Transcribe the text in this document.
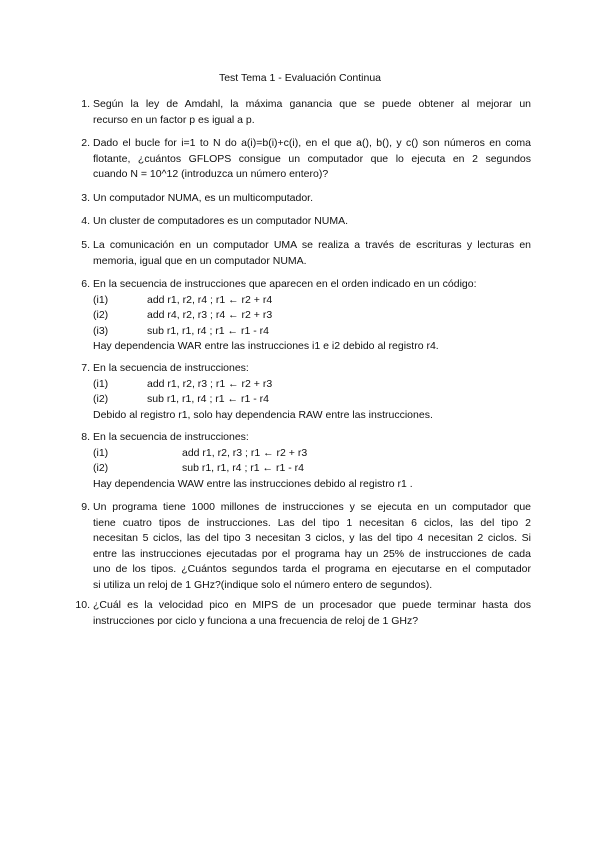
Test Tema 1 - Evaluación Continua
1. Según la ley de Amdahl, la máxima ganancia que se puede obtener al mejorar un
recurso en un factor p es igual a p.
2. Dado el bucle for i=1 to N do a(i)=b(i)+c(i), en el que a(), b(), y c() son números en coma
flotante, ¿cuántos GFLOPS consigue un computador que lo ejecuta en 2 segundos
cuando N = 10^12 (introduzca un número entero)?
3. Un computador NUMA, es un multicomputador.
4. Un cluster de computadores es un computador NUMA.
5. La comunicación en un computador UMA se realiza a través de escrituras y lecturas en
memoria, igual que en un computador NUMA.
6. En la secuencia de instrucciones que aparecen en el orden indicado en un código:
(i1)	add r1, r2, r4 ; r1 ← r2 + r4
(i2)	add r4, r2, r3 ; r4 ← r2 + r3
(i3)	sub r1, r1, r4 ; r1 ← r1 - r4
Hay dependencia WAR entre las instrucciones i1 e i2 debido al registro r4.
7. En la secuencia de instrucciones:
(i1)	add r1, r2, r3 ; r1 ← r2 + r3
(i2)	sub r1, r1, r4 ; r1 ← r1 - r4
Debido al registro r1, solo hay dependencia RAW entre las instrucciones.
8. En la secuencia de instrucciones:
(i1)	add r1, r2, r3 ; r1 ← r2 + r3
(i2)	sub r1, r1, r4 ; r1 ← r1 - r4
Hay dependencia WAW entre las instrucciones debido al registro r1 .
9. Un programa tiene 1000 millones de instrucciones y se ejecuta en un computador que
tiene cuatro tipos de instrucciones. Las del tipo 1 necesitan 6 ciclos, las del tipo 2
necesitan 5 ciclos, las del tipo 3 necesitan 3 ciclos, y las del tipo 4 necesitan 2 ciclos. Si
entre las instrucciones ejecutadas por el programa hay un 25% de instrucciones de cada
uno de los tipos. ¿Cuántos segundos tarda el programa en ejecutarse en el computador
si utiliza un reloj de 1 GHz?(indique solo el número entero de segundos).
10. ¿Cuál es la velocidad pico en MIPS de un procesador que puede terminar hasta dos
instrucciones por ciclo y funciona a una frecuencia de reloj de 1 GHz?
